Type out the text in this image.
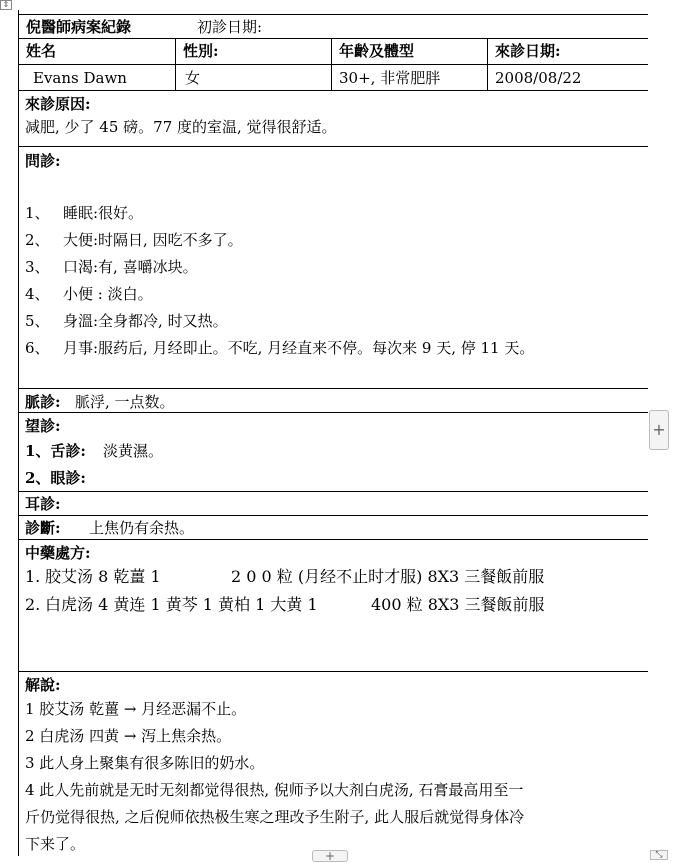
⇕
倪醫師病案紀錄	初診日期:
姓名	性別:	年齡及體型	來診日期:
Evans Dawn	女	30+, 非常肥胖	2008/08/22
來診原因:
减肥, 少了 45 磅。77 度的室温, 觉得很舒适。
問診:
1、 睡眠:很好。
2、 大便:时隔日, 因吃不多了。
3、 口渴:有, 喜嚼冰块。
4、 小便 : 淡白。
5、 身溫:全身都冷, 时又热。
6、 月事:服药后, 月经即止。不吃, 月经直来不停。每次来 9 天, 停 11 天。
脈診: 脈浮, 一点数。
望診:
1、舌診: 淡黄濕。
2、眼診:
耳診:
診斷: 上焦仍有余热。
中藥處方:
1. 胶艾汤 8 乾薑 1	2 0 0 粒 (月经不止时才服) 8X3 三餐飯前服
2. 白虎汤 4 黄连 1 黄芩 1 黄柏 1 大黄 1	400 粒 8X3 三餐飯前服
解說:
1 胶艾汤 乾薑 → 月经恶漏不止。
2 白虎汤 四黄 → 泻上焦余热。
3 此人身上聚集有很多陈旧的奶水。
4 此人先前就是无时无刻都觉得很热, 倪师予以大剂白虎汤, 石膏最高用至一
斤仍觉得很热, 之后倪师依热极生寒之理改予生附子, 此人服后就觉得身体冷
下来了。
+
+	⤡
